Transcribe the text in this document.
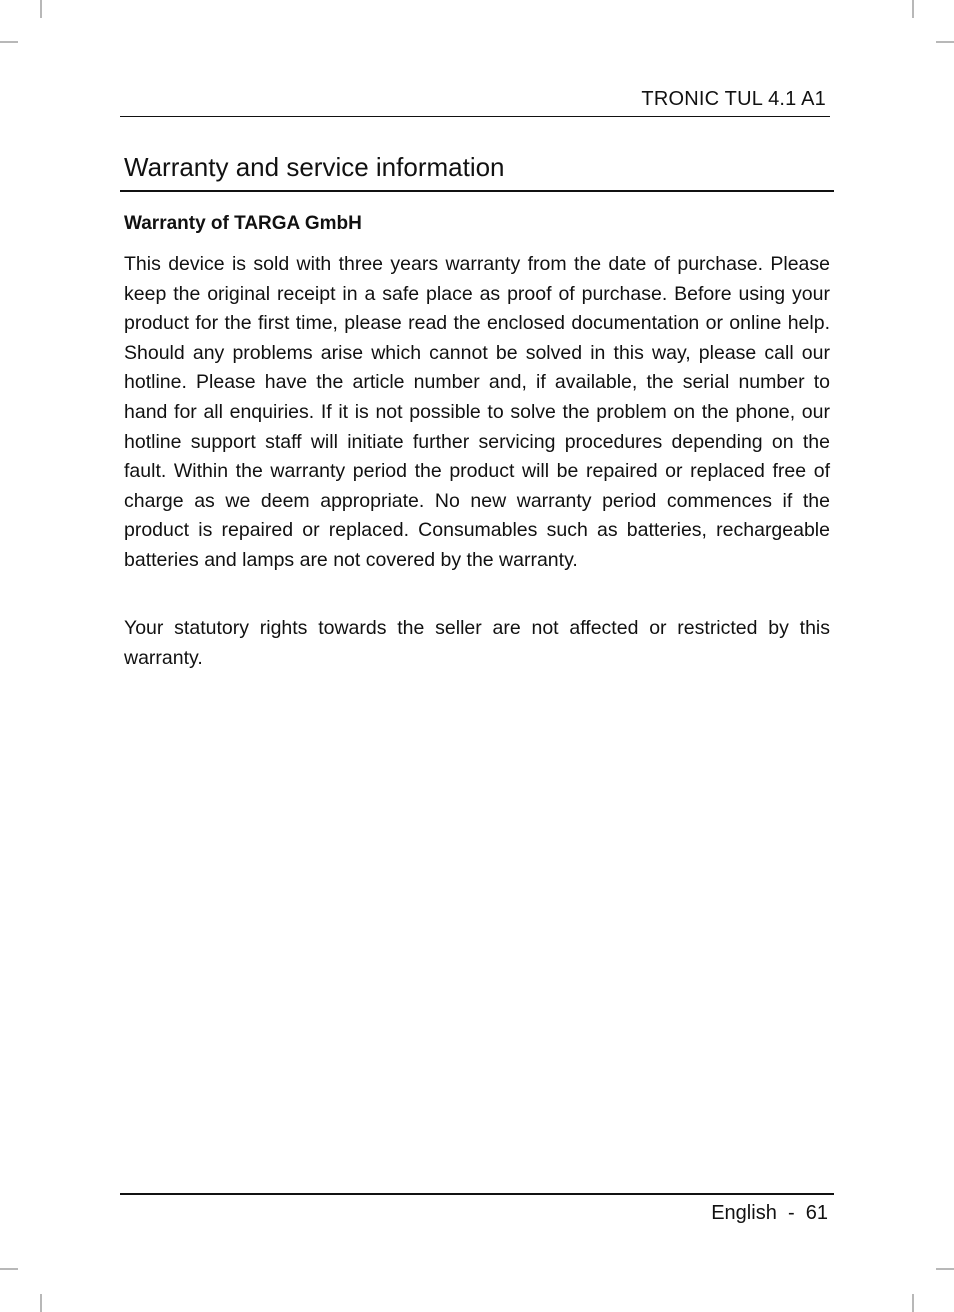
TRONIC TUL 4.1 A1
Warranty and service information
Warranty of TARGA GmbH

This device is sold with three years warranty from the date of purchase. Please keep the original receipt in a safe place as proof of purchase. Before using your product for the first time, please read the enclosed documentation or online help. Should any problems arise which cannot be solved in this way, please call our hotline. Please have the article number and, if available, the serial number to hand for all enquiries. If it is not possible to solve the problem on the phone, our hotline support staff will initiate further servicing procedures depending on the fault. Within the warranty period the product will be repaired or replaced free of charge as we deem appropriate. No new warranty period commences if the product is repaired or replaced. Consumables such as batteries, rechargeable batteries and lamps are not covered by the warranty.

Your statutory rights towards the seller are not affected or restricted by this warranty.

English - 61
